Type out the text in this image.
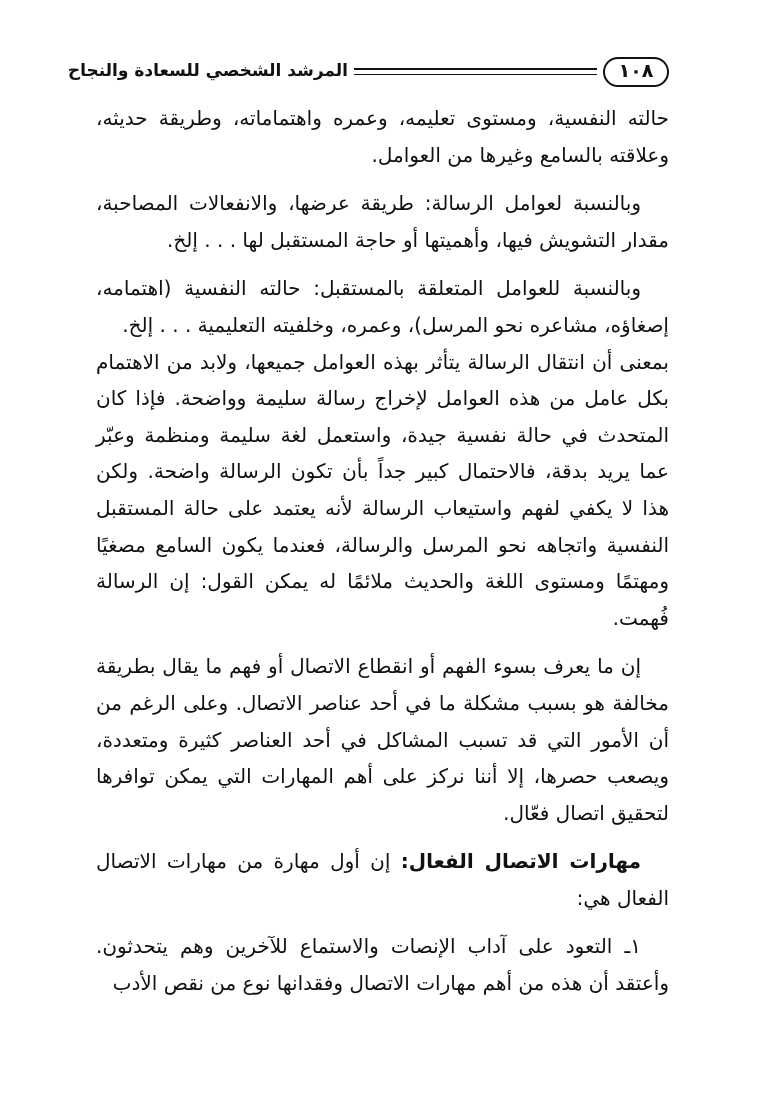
١٠٨
المرشد الشخصي للسعادة والنجاح

حالته النفسية، ومستوى تعليمه، وعمره واهتماماته، وطريقة حديثه، وعلاقته بالسامع وغيرها من العوامل.

وبالنسبة لعوامل الرسالة: طريقة عرضها، والانفعالات المصاحبة، مقدار التشويش فيها، وأهميتها أو حاجة المستقبل لها . . . إلخ.

وبالنسبة للعوامل المتعلقة بالمستقبل: حالته النفسية (اهتمامه، إصغاؤه، مشاعره نحو المرسل)، وعمره، وخلفيته التعليمية . . . إلخ.

بمعنى أن انتقال الرسالة يتأثر بهذه العوامل جميعها، ولابد من الاهتمام بكل عامل من هذه العوامل لإخراج رسالة سليمة وواضحة. فإذا كان المتحدث في حالة نفسية جيدة، واستعمل لغة سليمة ومنظمة وعبّر عما يريد بدقة، فالاحتمال كبير جداً بأن تكون الرسالة واضحة. ولكن هذا لا يكفي لفهم واستيعاب الرسالة لأنه يعتمد على حالة المستقبل النفسية واتجاهه نحو المرسل والرسالة، فعندما يكون السامع مصغيًا ومهتمًا ومستوى اللغة والحديث ملائمًا له يمكن القول: إن الرسالة فُهمت.

إن ما يعرف بسوء الفهم أو انقطاع الاتصال أو فهم ما يقال بطريقة مخالفة هو بسبب مشكلة ما في أحد عناصر الاتصال. وعلى الرغم من أن الأمور التي قد تسبب المشاكل في أحد العناصر كثيرة ومتعددة، ويصعب حصرها، إلا أننا نركز على أهم المهارات التي يمكن توافرها لتحقيق اتصال فعّال.

مهارات الاتصال الفعال: إن أول مهارة من مهارات الاتصال الفعال هي:

١ـ التعود على آداب الإنصات والاستماع للآخرين وهم يتحدثون. وأعتقد أن هذه من أهم مهارات الاتصال وفقدانها نوع من نقص الأدب
